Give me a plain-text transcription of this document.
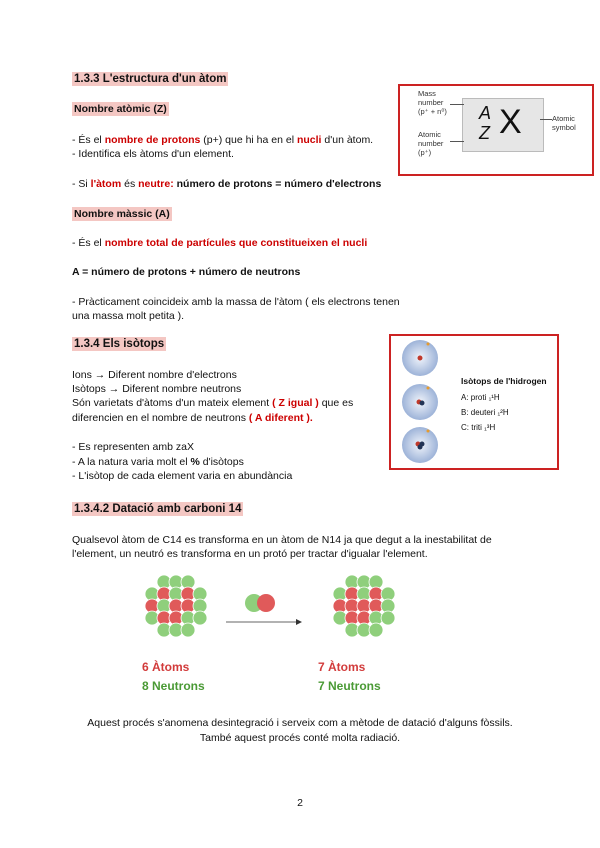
1.3.3 L'estructura d'un àtom
Nombre atòmic (Z)
- És el nombre de protons (p+) que hi ha en el nucli d'un àtom.
- Identifica els àtoms d'un element.
- Si l'àtom és neutre: número de protons = número d'electrons
Nombre màssic (A)
- És el nombre total de partícules que constitueixen el nucli
A = número de protons + número de neutrons
- Pràcticament coincideix amb la massa de l'àtom ( els electrons tenen
una massa molt petita ).
Mass
number
(p⁺ + n⁰)
Atomic
number
(p⁺)
A
Z X	Atomic
symbol
1.3.4 Els isòtops
Ions → Diferent nombre d'electrons
Isòtops → Diferent nombre neutrons
Són varietats d'àtoms d'un mateix element ( Z igual ) que es
diferencien en el nombre de neutrons ( A diferent ).
- Es representen amb zaX
- A la natura varia molt el % d'isòtops
- L'isòtop de cada element varia en abundància
Isòtops de l'hidrogen
A: proti ₁¹H
B: deuteri ₁²H
C: triti ₁³H
1.3.4.2 Datació amb carboni 14
Qualsevol àtom de C14 es transforma en un àtom de N14 ja que degut a la inestabilitat de
l'element, un neutró es transforma en un protó per tractar d'igualar l'element.
6 Àtoms
8 Neutrons
7 Àtoms
7 Neutrons
Aquest procés s'anomena desintegració i serveix com a mètode de datació d'alguns fòssils.
També aquest procés conté molta radiació.
2
